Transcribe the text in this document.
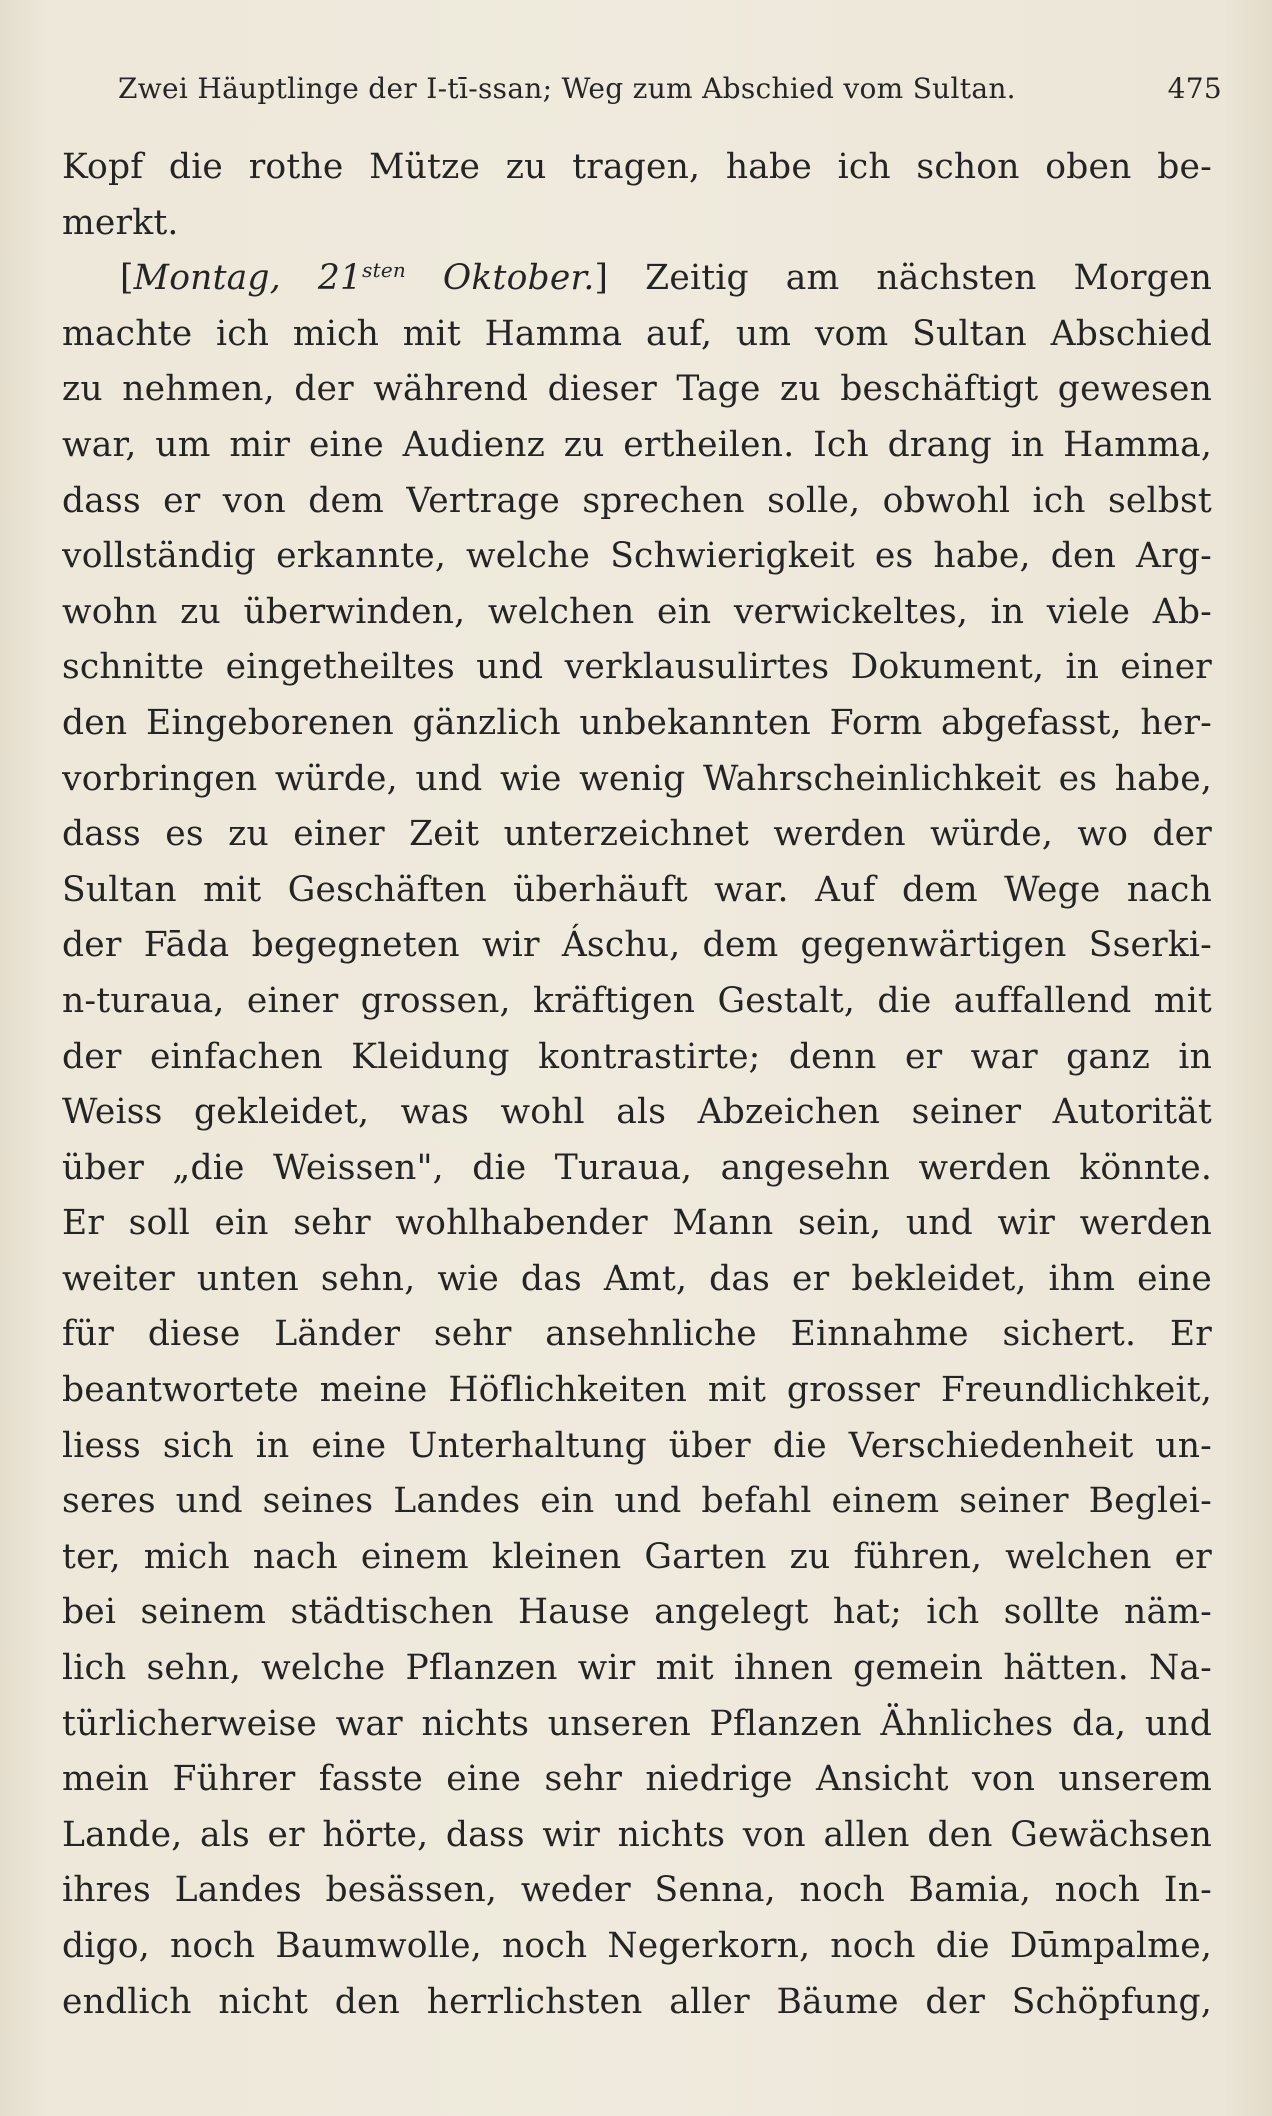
Zwei Häuptlinge der I-tī-ssan; Weg zum Abschied vom Sultan.	475
Kopf die rothe Mütze zu tragen, habe ich schon oben be-
merkt.
[Montag, $21^{sten}$ Oktober.] Zeitig am nächsten Morgen
machte ich mich mit Hamma auf, um vom Sultan Abschied
zu nehmen, der während dieser Tage zu beschäftigt gewesen
war, um mir eine Audienz zu ertheilen. Ich drang in Hamma,
dass er von dem Vertrage sprechen solle, obwohl ich selbst
vollständig erkannte, welche Schwierigkeit es habe, den Arg-
wohn zu überwinden, welchen ein verwickeltes, in viele Ab-
schnitte eingetheiltes und verklausulirtes Dokument, in einer
den Eingeborenen gänzlich unbekannten Form abgefasst, her-
vorbringen würde, und wie wenig Wahrscheinlichkeit es habe,
dass es zu einer Zeit unterzeichnet werden würde, wo der
Sultan mit Geschäften überhäuft war. Auf dem Wege nach
der Fāda begegneten wir Áschu, dem gegenwärtigen Sserki-
n-turaua, einer grossen, kräftigen Gestalt, die auffallend mit
der einfachen Kleidung kontrastirte; denn er war ganz in
Weiss gekleidet, was wohl als Abzeichen seiner Autorität
über „die Weissen", die Turaua, angesehn werden könnte.
Er soll ein sehr wohlhabender Mann sein, und wir werden
weiter unten sehn, wie das Amt, das er bekleidet, ihm eine
für diese Länder sehr ansehnliche Einnahme sichert. Er
beantwortete meine Höflichkeiten mit grosser Freundlichkeit,
liess sich in eine Unterhaltung über die Verschiedenheit un-
seres und seines Landes ein und befahl einem seiner Beglei-
ter, mich nach einem kleinen Garten zu führen, welchen er
bei seinem städtischen Hause angelegt hat; ich sollte näm-
lich sehn, welche Pflanzen wir mit ihnen gemein hätten. Na-
türlicherweise war nichts unseren Pflanzen Ähnliches da, und
mein Führer fasste eine sehr niedrige Ansicht von unserem
Lande, als er hörte, dass wir nichts von allen den Gewächsen
ihres Landes besässen, weder Senna, noch Bamia, noch In-
digo, noch Baumwolle, noch Negerkorn, noch die Dūmpalme,
endlich nicht den herrlichsten aller Bäume der Schöpfung,
